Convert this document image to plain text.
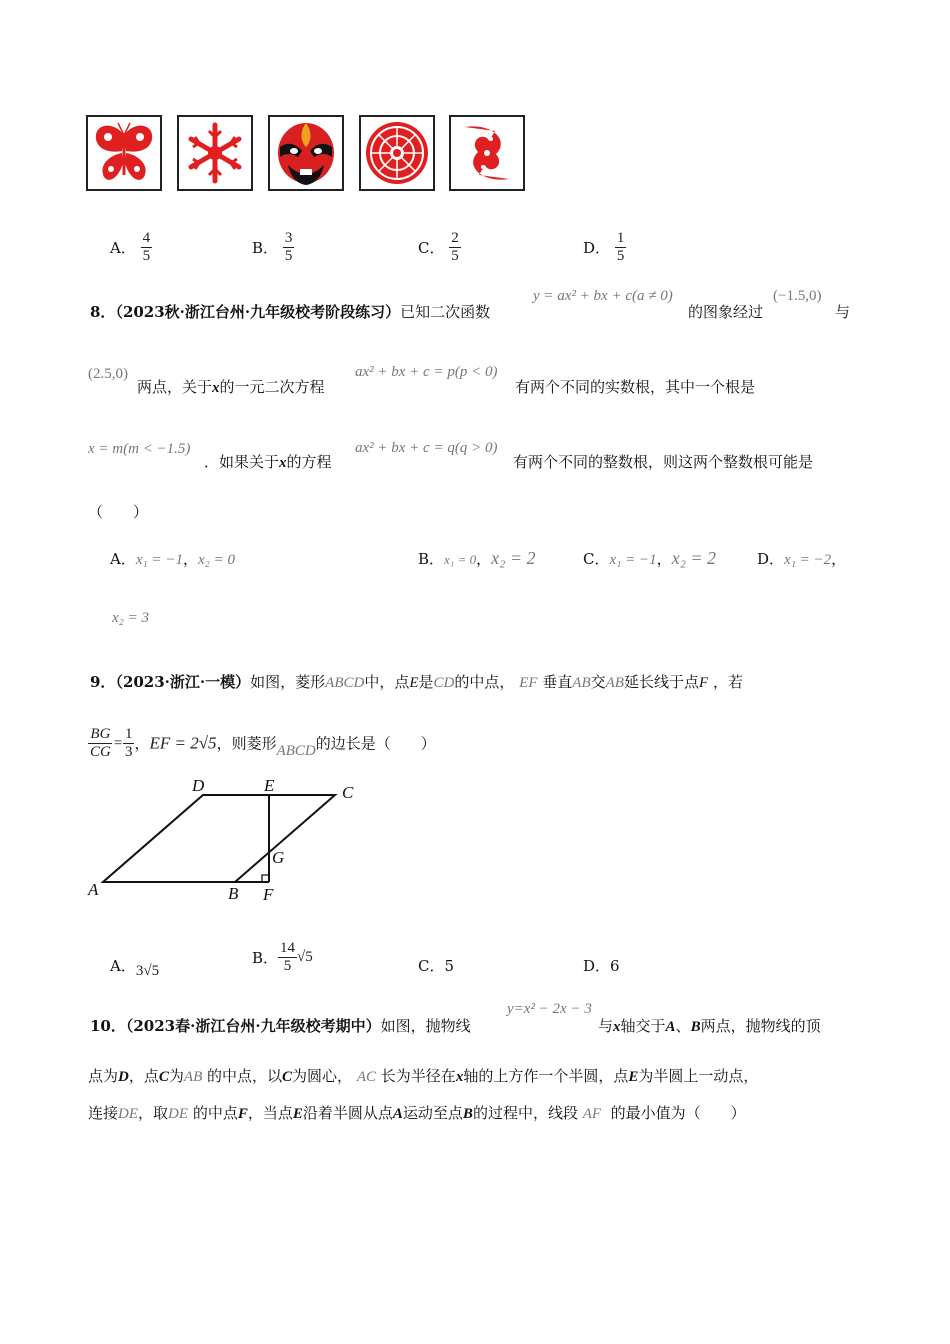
A． $\frac{4}{5}$	B． $\frac{3}{5}$	C． $\frac{2}{5}$	D． $\frac{1}{5}$
8．（2023秋·浙江台州·九年级校考阶段练习）已知二次函数
y = ax² + bx + c(a ≠ 0)
的图象经过
(−1.5,0)
与
(2.5,0)
两点，关于x的一元二次方程
ax² + bx + c = p(p < 0)
有两个不同的实数根，其中一个根是
x = m(m < −1.5)
．如果关于x的方程
ax² + bx + c = q(q > 0)
有两个不同的整数根，则这两个整数根可能是
（　　）
A．x₁ = −1，x₂ = 0	B．x₁ = 0，x₂ = 2	C．x₁ = −1，x₂ = 2	D．x₁ = −2，
x₂ = 3
9．（2023·浙江·一模）如图，菱形ABCD中，点E是CD的中点， EF 垂直AB交AB延长线于点F ，若
$\frac{BG}{CG} = \frac{1}{3}$ ，EF = 2√5，则菱形ABCD的边长是（　　）
D	E	C
G
A	B F
A．3√5
B． $\frac{14}{5} √5$	C．5	D．6
10．（2023春·浙江台州·九年级校考期中）如图，抛物线
y=x² − 2x − 3
与x轴交于A、B两点，抛物线的顶
点为D，点C为AB 的中点，以C为圆心， AC 长为半径在x轴的上方作一个半圆，点E为半圆上一动点，
连接DE，取DE 的中点F，当点E沿着半圆从点A运动至点B的过程中，线段 AF 的最小值为（　　）
